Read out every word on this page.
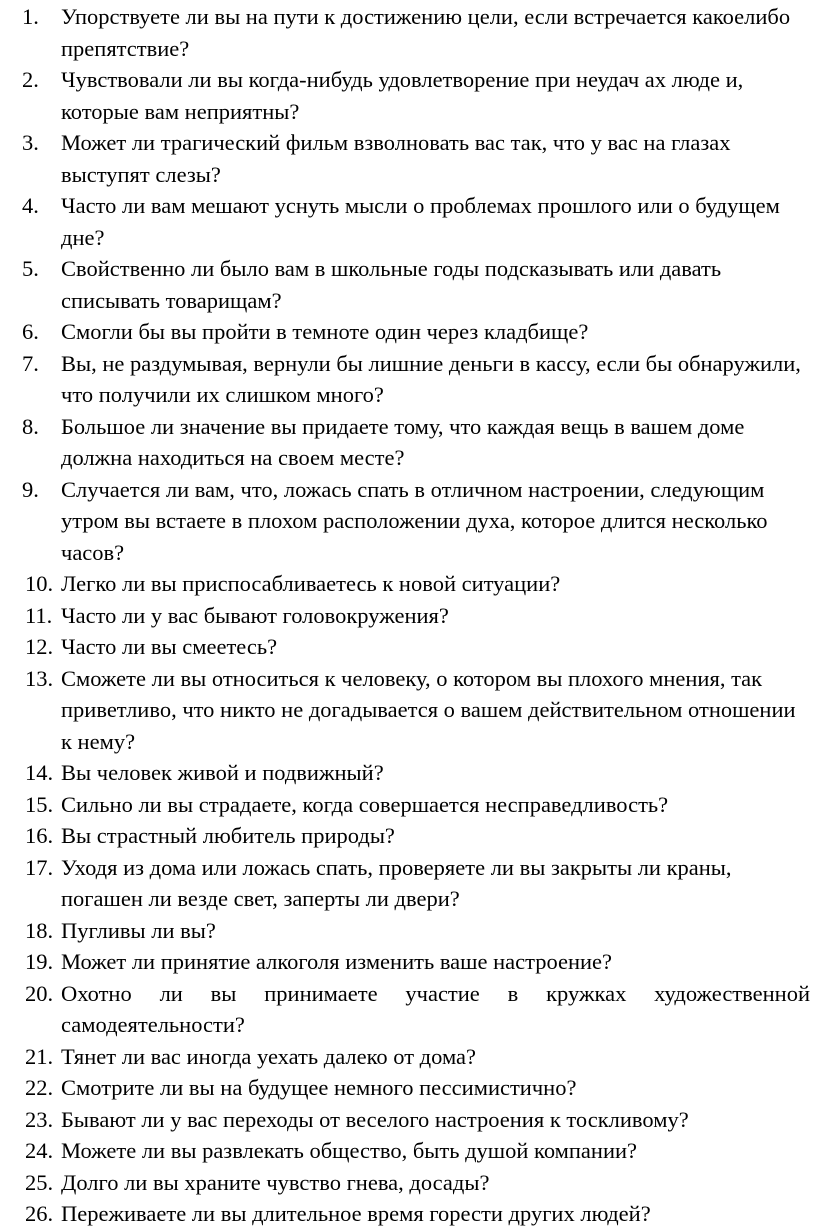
1. Упорствуете ли вы на пути к достижению цели, если встречается какоелибо препятствие?
2. Чувствовали ли вы когда-нибудь удовлетворение при неудач ах люде и, которые вам неприятны?
3. Может ли трагический фильм взволновать вас так, что у вас на глазах выступят слезы?
4. Часто ли вам мешают уснуть мысли о проблемах прошлого или о будущем дне?
5. Свойственно ли было вам в школьные годы подсказывать или давать списывать товарищам?
6. Смогли бы вы пройти в темноте один через кладбище?
7. Вы, не раздумывая, вернули бы лишние деньги в кассу, если бы обнаружили, что получили их слишком много?
8. Большое ли значение вы придаете тому, что каждая вещь в вашем доме должна находиться на своем месте?
9. Случается ли вам, что, ложась спать в отличном настроении, следующим утром вы встаете в плохом расположении духа, которое длится несколько часов?
10. Легко ли вы приспосабливаетесь к новой ситуации?
11. Часто ли у вас бывают головокружения?
12. Часто ли вы смеетесь?
13. Сможете ли вы относиться к человеку, о котором вы плохого мнения, так приветливо, что никто не догадывается о вашем действительном отношении к нему?
14. Вы человек живой и подвижный?
15. Сильно ли вы страдаете, когда совершается несправедливость?
16. Вы страстный любитель природы?
17. Уходя из дома или ложась спать, проверяете ли вы закрыты ли краны, погашен ли везде свет, заперты ли двери?
18. Пугливы ли вы?
19. Может ли принятие алкоголя изменить ваше настроение?
20. Охотно ли вы принимаете участие в кружках художественной самодеятельности?
21. Тянет ли вас иногда уехать далеко от дома?
22. Смотрите ли вы на будущее немного пессимистично?
23. Бывают ли у вас переходы от веселого настроения к тоскливому?
24. Можете ли вы развлекать общество, быть душой компании?
25. Долго ли вы храните чувство гнева, досады?
26. Переживаете ли вы длительное время горести других людей?
